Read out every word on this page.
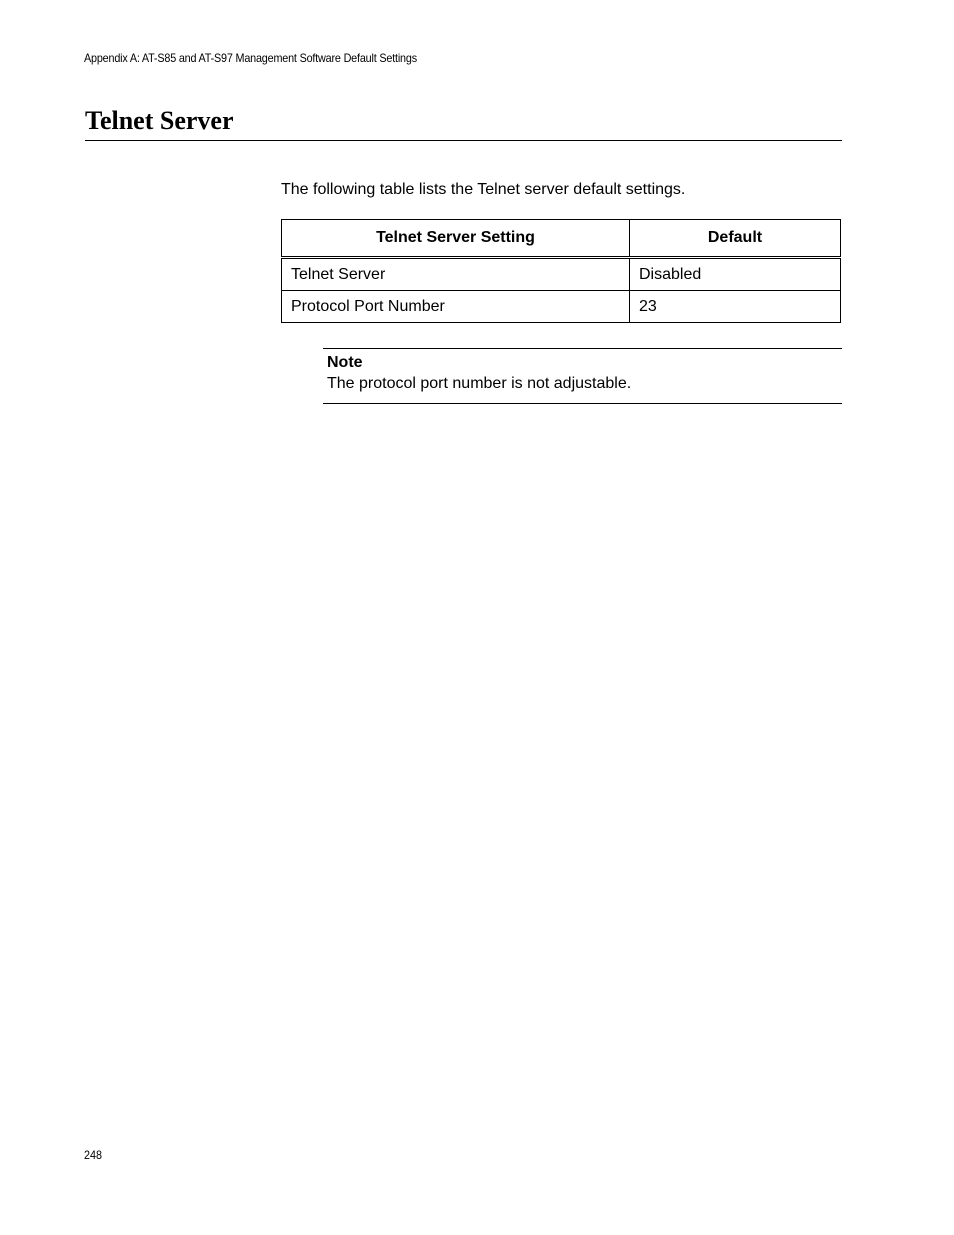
Appendix A: AT-S85 and AT-S97 Management Software Default Settings
Telnet Server

The following table lists the Telnet server default settings.

Telnet Server Setting	Default
Telnet Server	Disabled
Protocol Port Number	23
Note
The protocol port number is not adjustable.
248
